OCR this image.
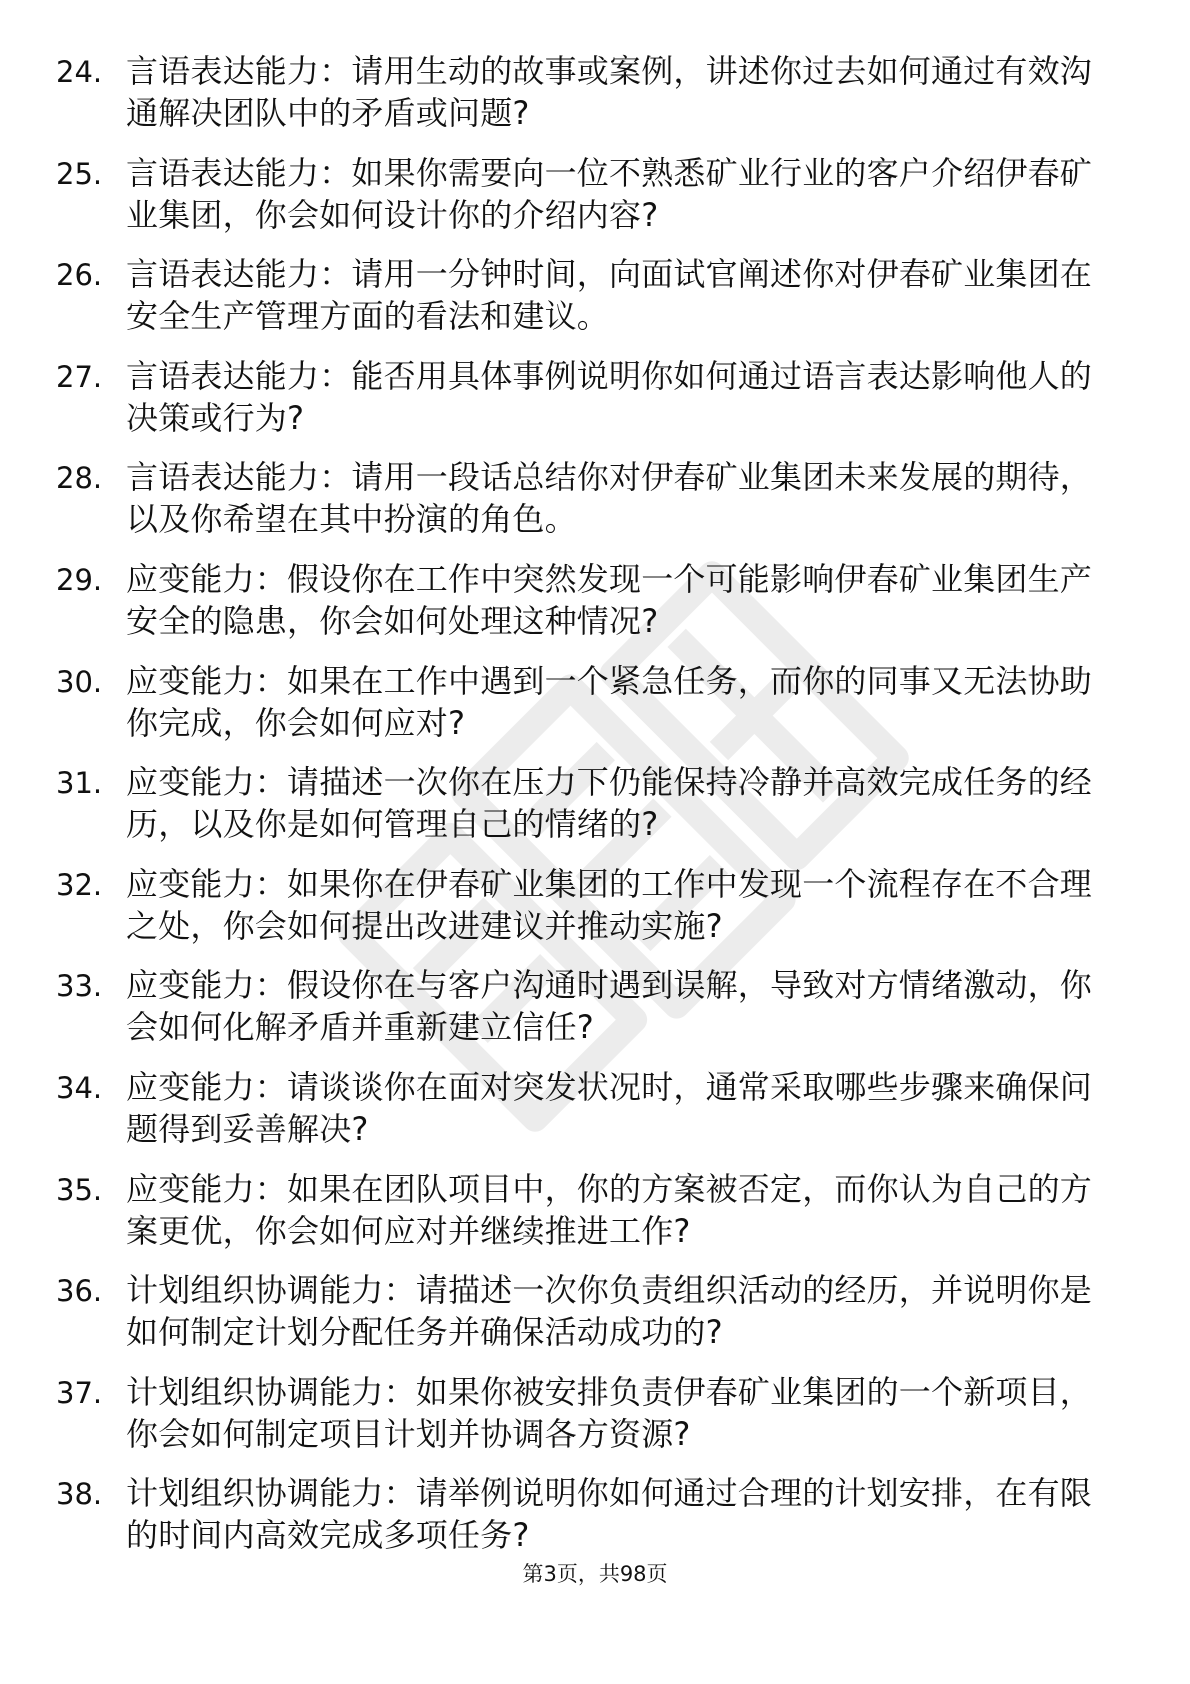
24. 言语表达能力：请用生动的故事或案例，讲述你过去如何通过有效沟通解决团队中的矛盾或问题?
25. 言语表达能力：如果你需要向一位不熟悉矿业行业的客户介绍伊春矿业集团，你会如何设计你的介绍内容?
26. 言语表达能力：请用一分钟时间，向面试官阐述你对伊春矿业集团在安全生产管理方面的看法和建议。
27. 言语表达能力：能否用具体事例说明你如何通过语言表达影响他人的决策或行为?
28. 言语表达能力：请用一段话总结你对伊春矿业集团未来发展的期待，以及你希望在其中扮演的角色。
29. 应变能力：假设你在工作中突然发现一个可能影响伊春矿业集团生产安全的隐患，你会如何处理这种情况?
30. 应变能力：如果在工作中遇到一个紧急任务，而你的同事又无法协助你完成，你会如何应对?
31. 应变能力：请描述一次你在压力下仍能保持冷静并高效完成任务的经历，以及你是如何管理自己的情绪的?
32. 应变能力：如果你在伊春矿业集团的工作中发现一个流程存在不合理之处，你会如何提出改进建议并推动实施?
33. 应变能力：假设你在与客户沟通时遇到误解，导致对方情绪激动，你会如何化解矛盾并重新建立信任?
34. 应变能力：请谈谈你在面对突发状况时，通常采取哪些步骤来确保问题得到妥善解决?
35. 应变能力：如果在团队项目中，你的方案被否定，而你认为自己的方案更优，你会如何应对并继续推进工作?
36. 计划组织协调能力：请描述一次你负责组织活动的经历，并说明你是如何制定计划分配任务并确保活动成功的?
37. 计划组织协调能力：如果你被安排负责伊春矿业集团的一个新项目，你会如何制定项目计划并协调各方资源?
38. 计划组织协调能力：请举例说明你如何通过合理的计划安排，在有限的时间内高效完成多项任务?
第3页，共98页
